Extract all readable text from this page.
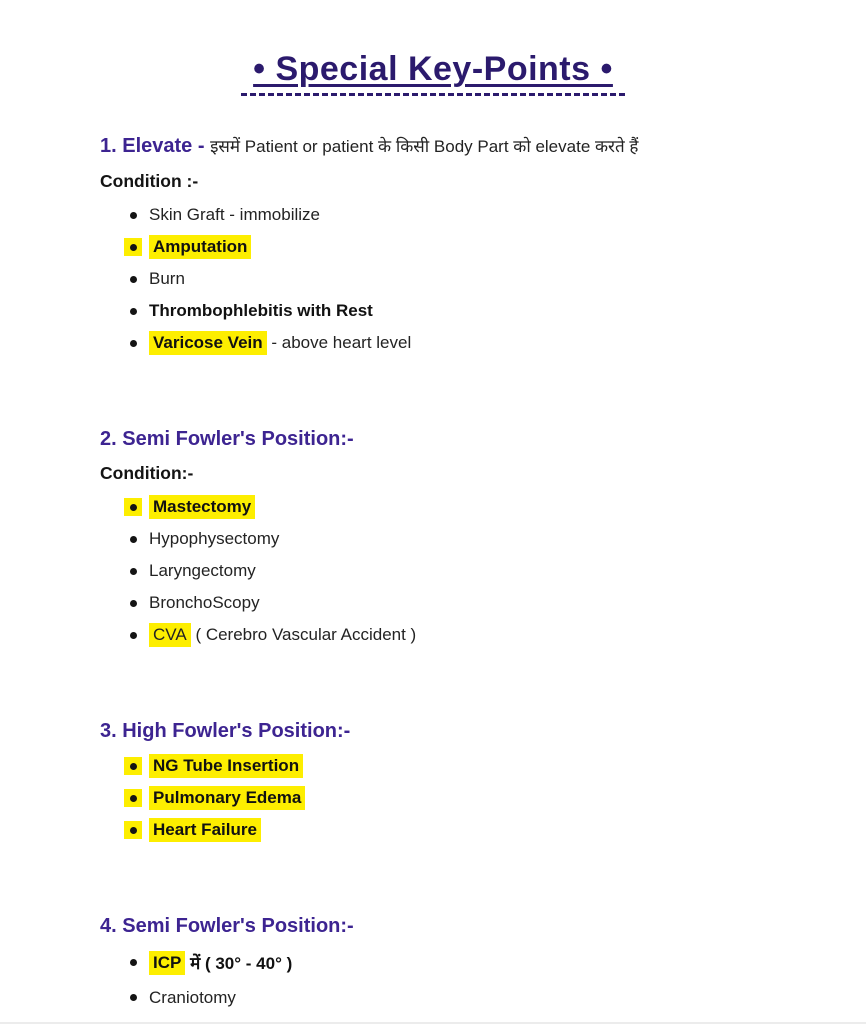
• Special Key-Points •
1. Elevate - इसमें Patient or patient के किसी Body Part को elevate करते हैं
Condition :-
Skin Graft - immobilize
Amputation
Burn
Thrombophlebitis with Rest
Varicose Vein - above heart level
2. Semi Fowler's Position:-
Condition:-
Mastectomy
Hypophysectomy
Laryngectomy
BronchoScopy
CVA ( Cerebro Vascular Accident )
3. High Fowler's Position:-
NG Tube Insertion
Pulmonary Edema
Heart Failure
4. Semi Fowler's Position:-
ICP में ( 30° - 40° )
Craniotomy
